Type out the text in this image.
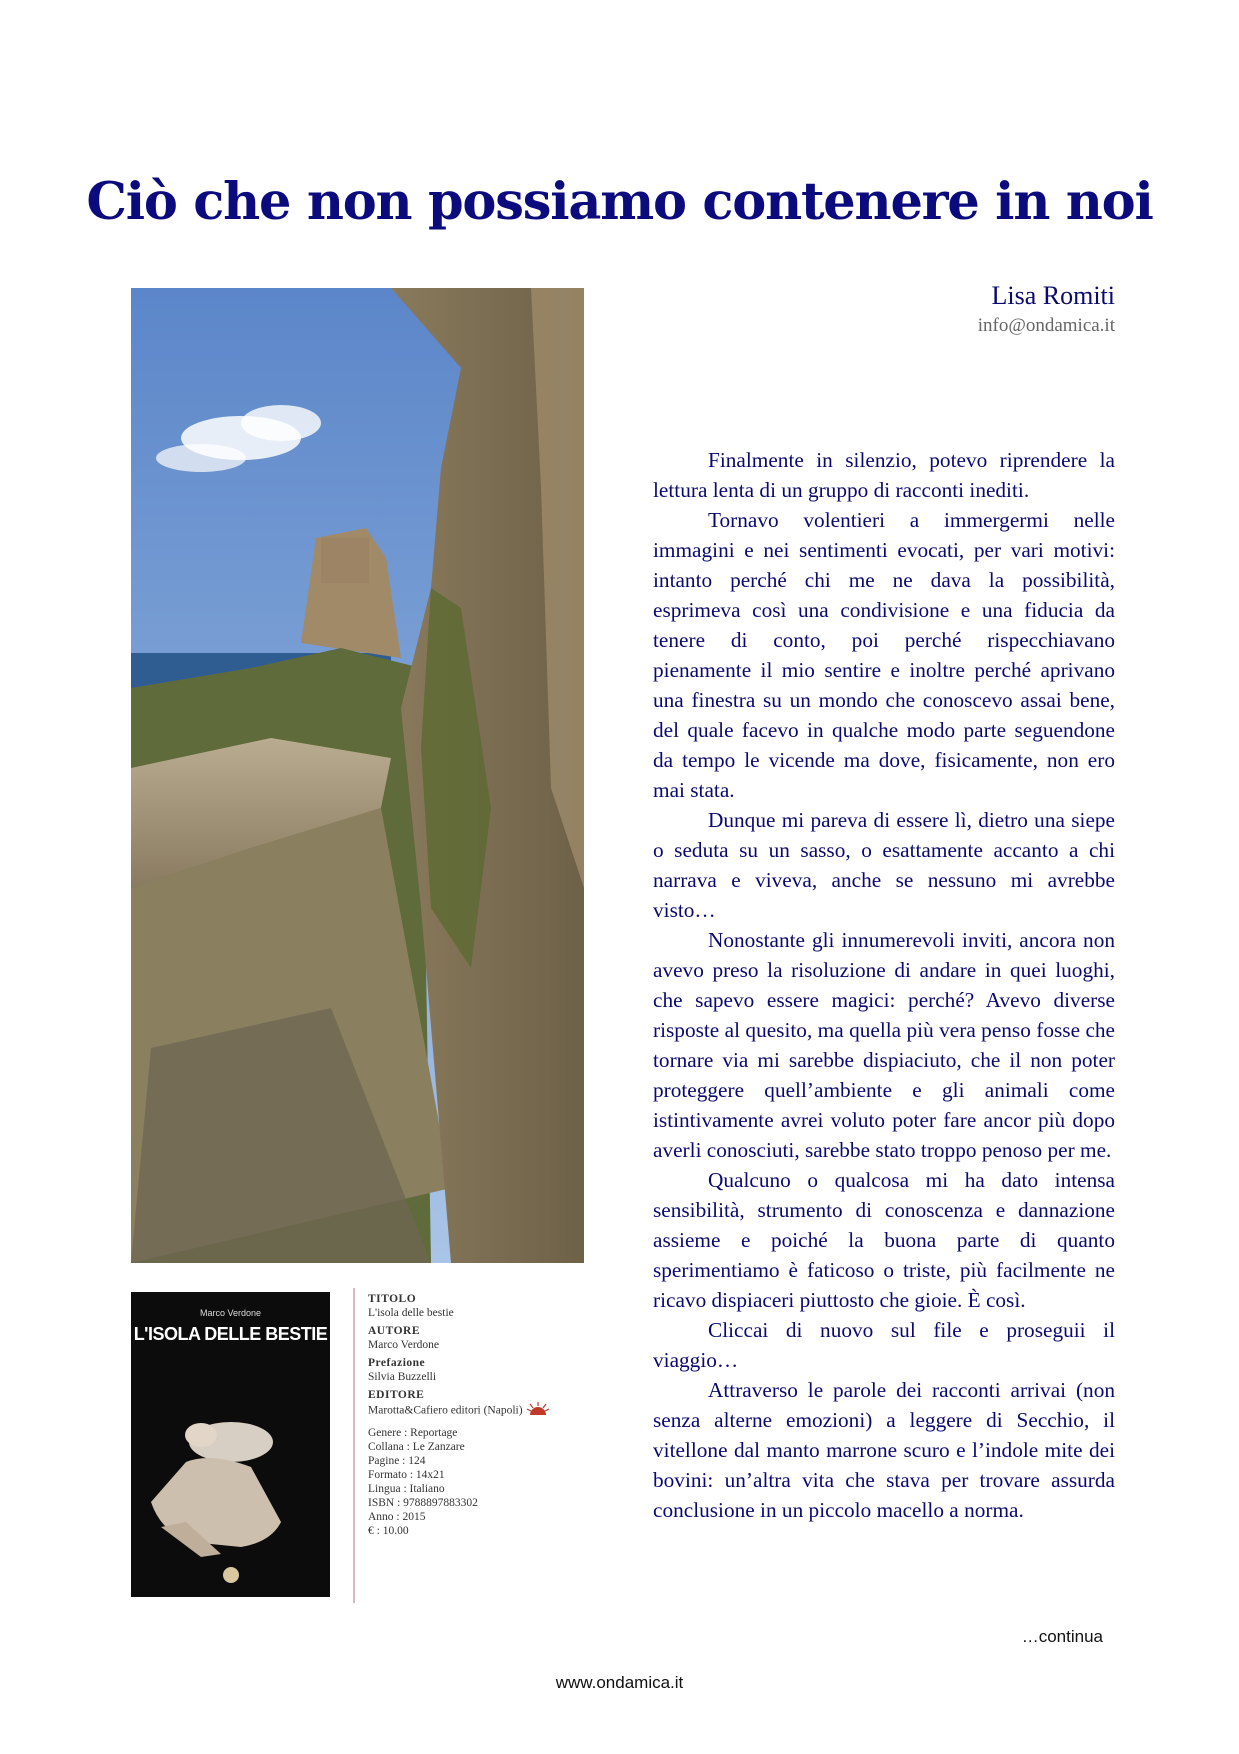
Ciò che non possiamo contenere in noi
Lisa Romiti
info@ondamica.it
www.ondamica.it
Marco Verdone
L'ISOLA DELLE BESTIE
TITOLO
L'isola delle bestie
AUTORE
Marco Verdone
Prefazione
Silvia Buzzelli
EDITORE
Marotta&Cafiero editori (Napoli)
Genere : Reportage
Collana : Le Zanzare
Pagine : 124
Formato : 14x21
Lingua : Italiano
ISBN : 9788897883302
Anno : 2015
€ : 10.00

Finalmente in silenzio, potevo riprendere la lettura lenta di un gruppo di racconti inediti.

Tornavo volentieri a immergermi nelle immagini e nei sentimenti evocati, per vari motivi: intanto perché chi me ne dava la possibilità, esprimeva così una condivisione e una fiducia da tenere di conto, poi perché rispecchiavano pienamente il mio sentire e inoltre perché aprivano una finestra su un mondo che conoscevo assai bene, del quale facevo in qualche modo parte seguendone da tempo le vicende ma dove, fisicamente, non ero mai stata.

Dunque mi pareva di essere lì, dietro una siepe o seduta su un sasso, o esattamente accanto a chi narrava e viveva, anche se nessuno mi avrebbe visto…

Nonostante gli innumerevoli inviti, ancora non avevo preso la risoluzione di andare in quei luoghi, che sapevo essere magici: perché? Avevo diverse risposte al quesito, ma quella più vera penso fosse che tornare via mi sarebbe dispiaciuto, che il non poter proteggere quell’ambiente e gli animali come istintivamente avrei voluto poter fare ancor più dopo averli conosciuti, sarebbe stato troppo penoso per me.

Qualcuno o qualcosa mi ha dato intensa sensibilità, strumento di conoscenza e dannazione assieme e poiché la buona parte di quanto sperimentiamo è faticoso o triste, più facilmente ne ricavo dispiaceri piuttosto che gioie. È così.

Cliccai di nuovo sul file e proseguii il viaggio…

Attraverso le parole dei racconti arrivai (non senza alterne emozioni) a leggere di Secchio, il vitellone dal manto marrone scuro e l’indole mite dei bovini: un’altra vita che stava per trovare assurda conclusione in un piccolo macello a norma.

…continua
www.ondamica.it
